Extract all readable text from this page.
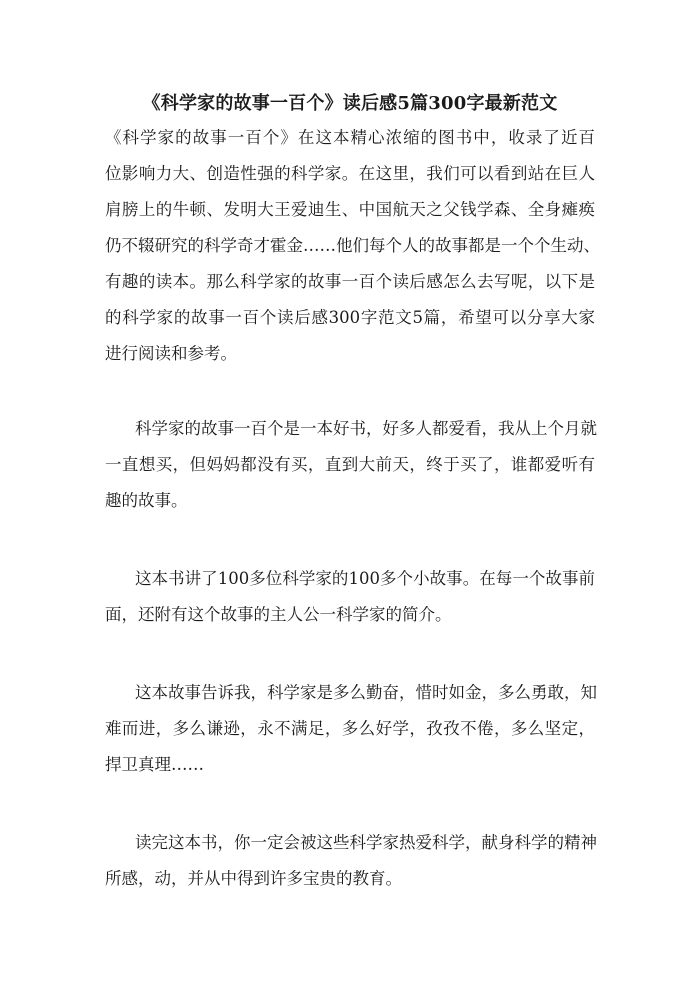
《科学家的故事一百个》读后感5篇300字最新范文
《科学家的故事一百个》在这本精心浓缩的图书中，收录了近百
位影响力大、创造性强的科学家。在这里，我们可以看到站在巨人
肩膀上的牛顿、发明大王爱迪生、中国航天之父钱学森、全身瘫痪
仍不辍研究的科学奇才霍金……他们每个人的故事都是一个个生动、
有趣的读本。那么科学家的故事一百个读后感怎么去写呢，以下是
的科学家的故事一百个读后感300字范文5篇，希望可以分享大家
进行阅读和参考。
科学家的故事一百个是一本好书，好多人都爱看，我从上个月就
一直想买，但妈妈都没有买，直到大前天，终于买了，谁都爱听有
趣的故事。
这本书讲了100多位科学家的100多个小故事。在每一个故事前
面，还附有这个故事的主人公一科学家的简介。
这本故事告诉我，科学家是多么勤奋，惜时如金，多么勇敢，知
难而进，多么谦逊，永不满足，多么好学，孜孜不倦，多么坚定，
捍卫真理……
读完这本书，你一定会被这些科学家热爱科学，献身科学的精神
所感，动，并从中得到许多宝贵的教育。
